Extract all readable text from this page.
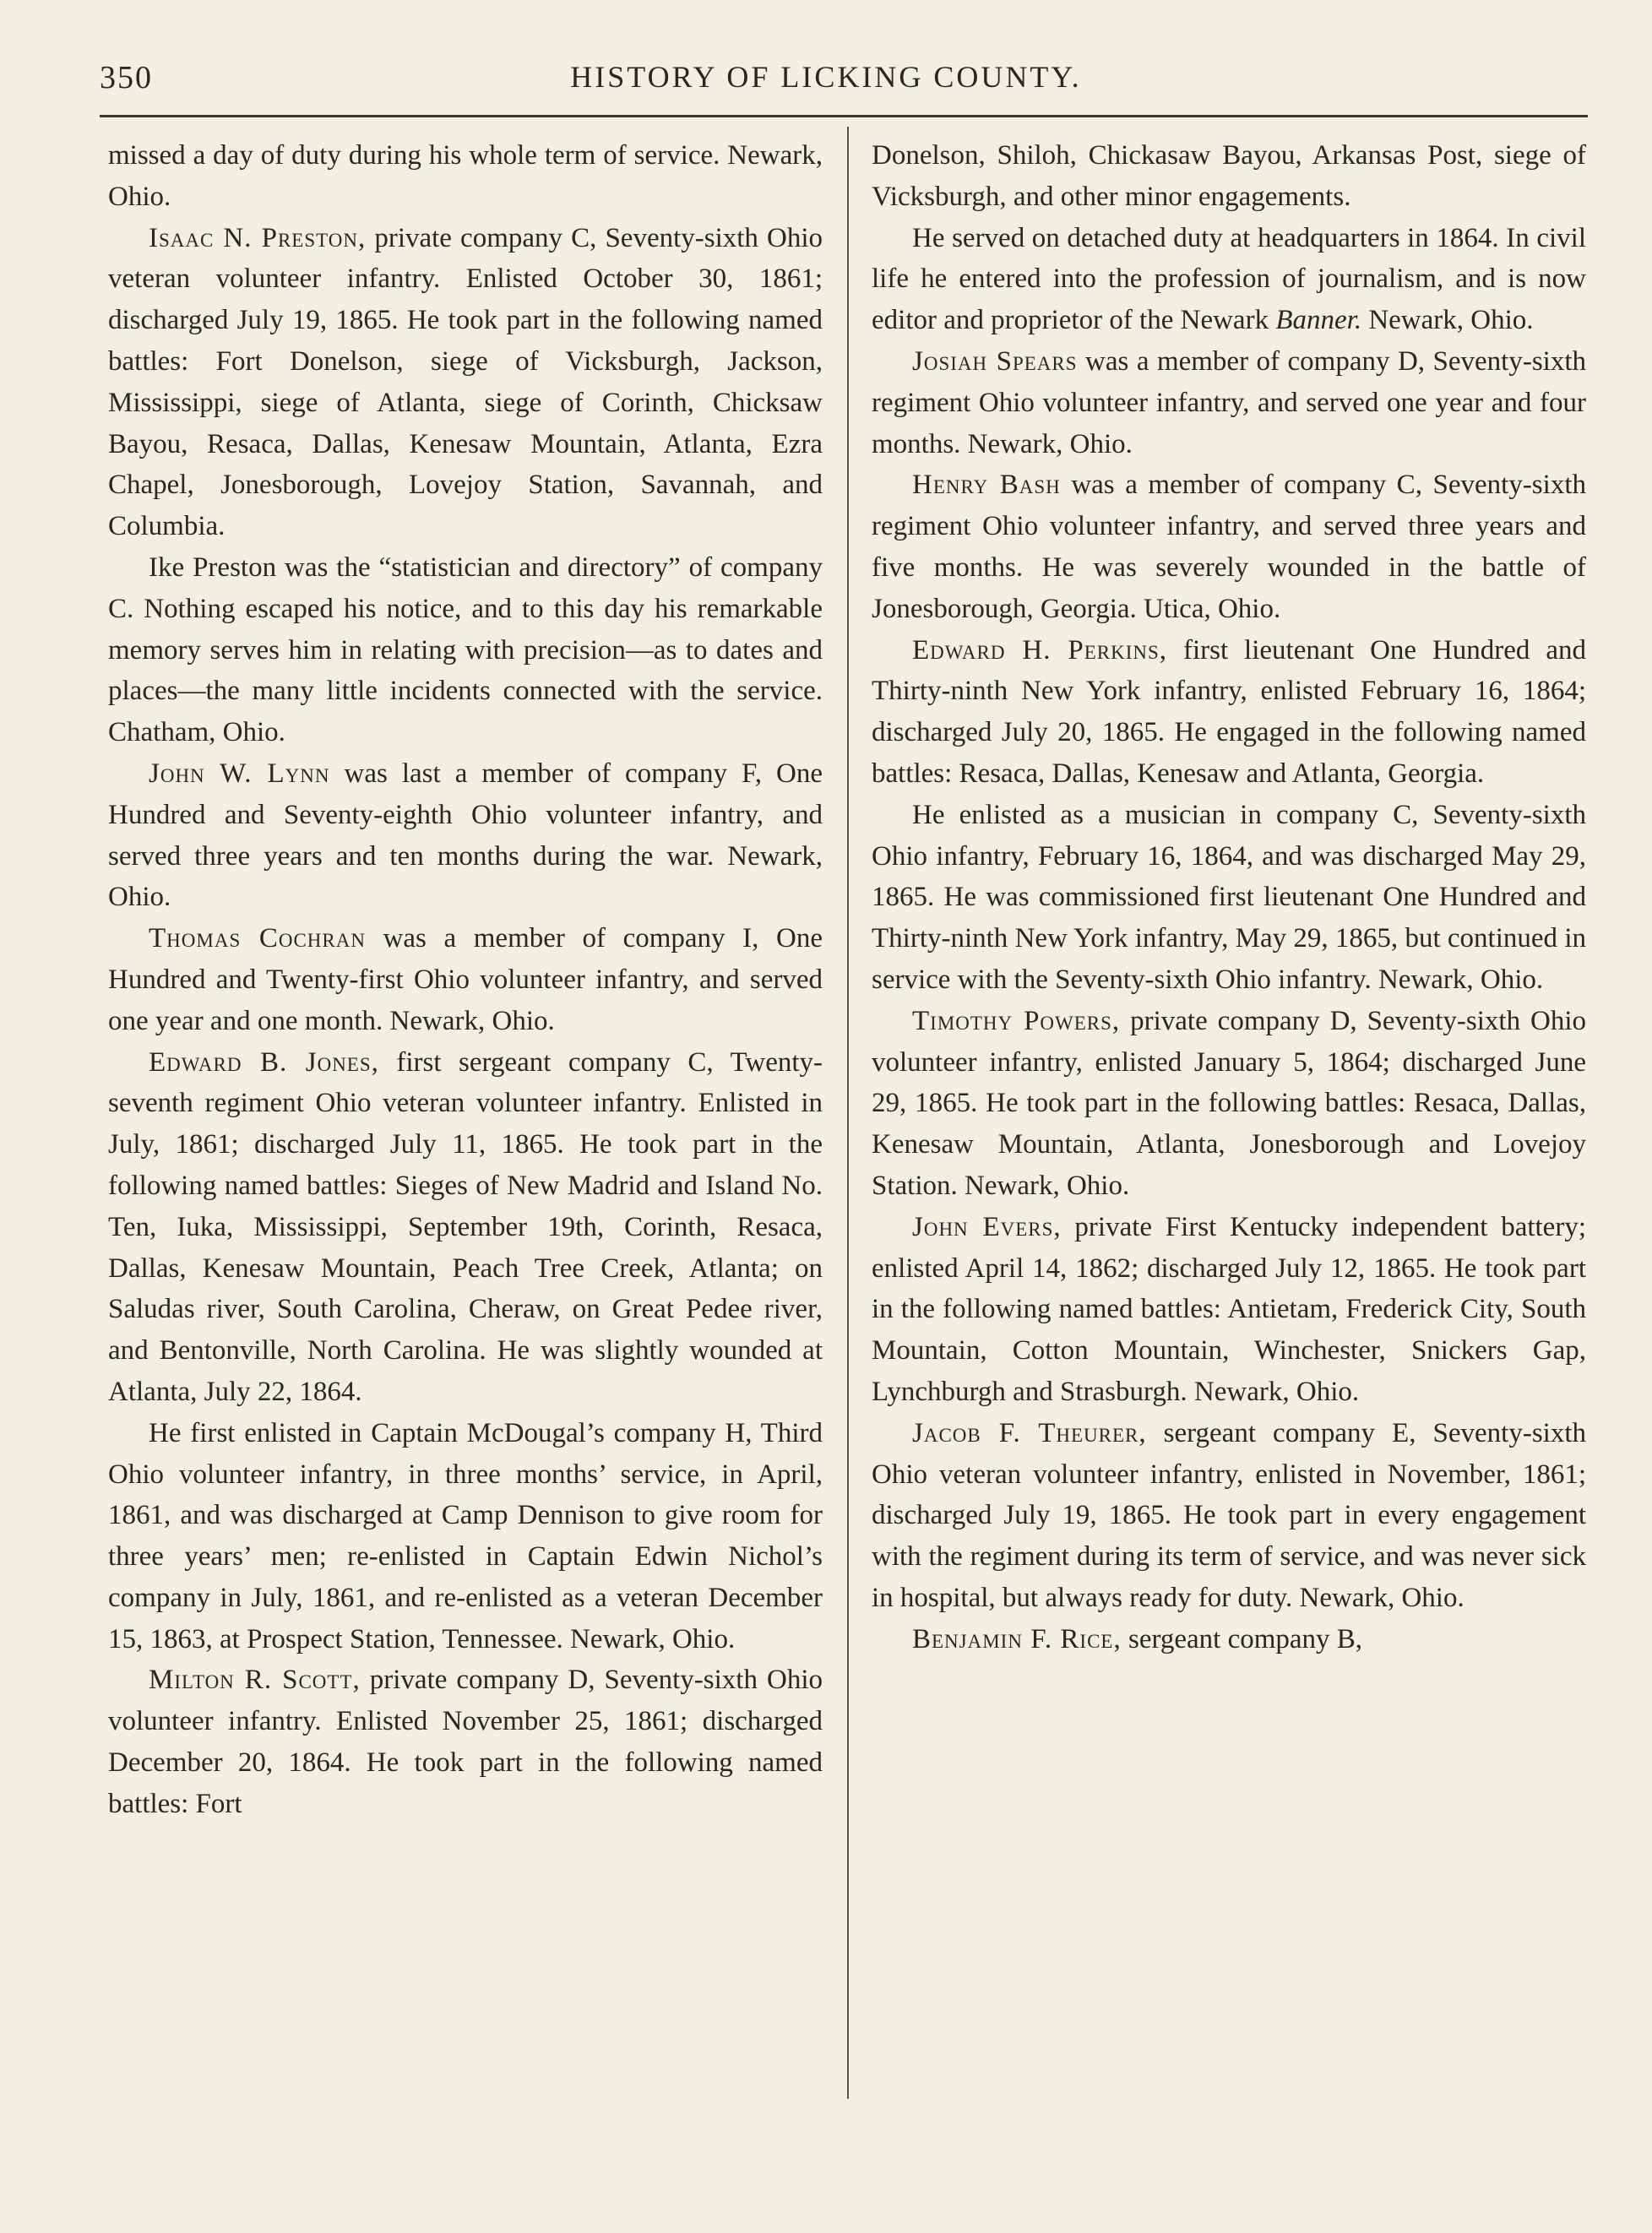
350	HISTORY OF LICKING COUNTY.

missed a day of duty during his whole term of service. Newark, Ohio.

Isaac N. Preston, private company C, Seventy-sixth Ohio veteran volunteer infantry. Enlisted October 30, 1861; discharged July 19, 1865. He took part in the following named battles: Fort Donelson, siege of Vicksburgh, Jackson, Mississippi, siege of Atlanta, siege of Corinth, Chicksaw Bayou, Resaca, Dallas, Kenesaw Mountain, Atlanta, Ezra Chapel, Jonesborough, Lovejoy Station, Savannah, and Columbia.

Ike Preston was the “statistician and directory” of company C. Nothing escaped his notice, and to this day his remarkable memory serves him in relating with precision—as to dates and places—the many little incidents connected with the service. Chatham, Ohio.

John W. Lynn was last a member of company F, One Hundred and Seventy-eighth Ohio volunteer infantry, and served three years and ten months during the war. Newark, Ohio.

Thomas Cochran was a member of company I, One Hundred and Twenty-first Ohio volunteer infantry, and served one year and one month. Newark, Ohio.

Edward B. Jones, first sergeant company C, Twenty-seventh regiment Ohio veteran volunteer infantry. Enlisted in July, 1861; discharged July 11, 1865. He took part in the following named battles: Sieges of New Madrid and Island No. Ten, Iuka, Mississippi, September 19th, Corinth, Resaca, Dallas, Kenesaw Mountain, Peach Tree Creek, Atlanta; on Saludas river, South Carolina, Cheraw, on Great Pedee river, and Bentonville, North Carolina. He was slightly wounded at Atlanta, July 22, 1864.

He first enlisted in Captain McDougal’s company H, Third Ohio volunteer infantry, in three months’ service, in April, 1861, and was discharged at Camp Dennison to give room for three years’ men; re-enlisted in Captain Edwin Nichol’s company in July, 1861, and re-enlisted as a veteran December 15, 1863, at Prospect Station, Tennessee. Newark, Ohio.

Milton R. Scott, private company D, Seventy-sixth Ohio volunteer infantry. Enlisted November 25, 1861; discharged December 20, 1864. He took part in the following named battles: Fort

Donelson, Shiloh, Chickasaw Bayou, Arkansas Post, siege of Vicksburgh, and other minor engagements.

He served on detached duty at headquarters in 1864. In civil life he entered into the profession of journalism, and is now editor and proprietor of the Newark Banner. Newark, Ohio.

Josiah Spears was a member of company D, Seventy-sixth regiment Ohio volunteer infantry, and served one year and four months. Newark, Ohio.

Henry Bash was a member of company C, Seventy-sixth regiment Ohio volunteer infantry, and served three years and five months. He was severely wounded in the battle of Jonesborough, Georgia. Utica, Ohio.

Edward H. Perkins, first lieutenant One Hundred and Thirty-ninth New York infantry, enlisted February 16, 1864; discharged July 20, 1865. He engaged in the following named battles: Resaca, Dallas, Kenesaw and Atlanta, Georgia.

He enlisted as a musician in company C, Seventy-sixth Ohio infantry, February 16, 1864, and was discharged May 29, 1865. He was commissioned first lieutenant One Hundred and Thirty-ninth New York infantry, May 29, 1865, but continued in service with the Seventy-sixth Ohio infantry. Newark, Ohio.

Timothy Powers, private company D, Seventy-sixth Ohio volunteer infantry, enlisted January 5, 1864; discharged June 29, 1865. He took part in the following battles: Resaca, Dallas, Kenesaw Mountain, Atlanta, Jonesborough and Lovejoy Station. Newark, Ohio.

John Evers, private First Kentucky independent battery; enlisted April 14, 1862; discharged July 12, 1865. He took part in the following named battles: Antietam, Frederick City, South Mountain, Cotton Mountain, Winchester, Snickers Gap, Lynchburgh and Strasburgh. Newark, Ohio.

Jacob F. Theurer, sergeant company E, Seventy-sixth Ohio veteran volunteer infantry, enlisted in November, 1861; discharged July 19, 1865. He took part in every engagement with the regiment during its term of service, and was never sick in hospital, but always ready for duty. Newark, Ohio.

Benjamin F. Rice, sergeant company B,
